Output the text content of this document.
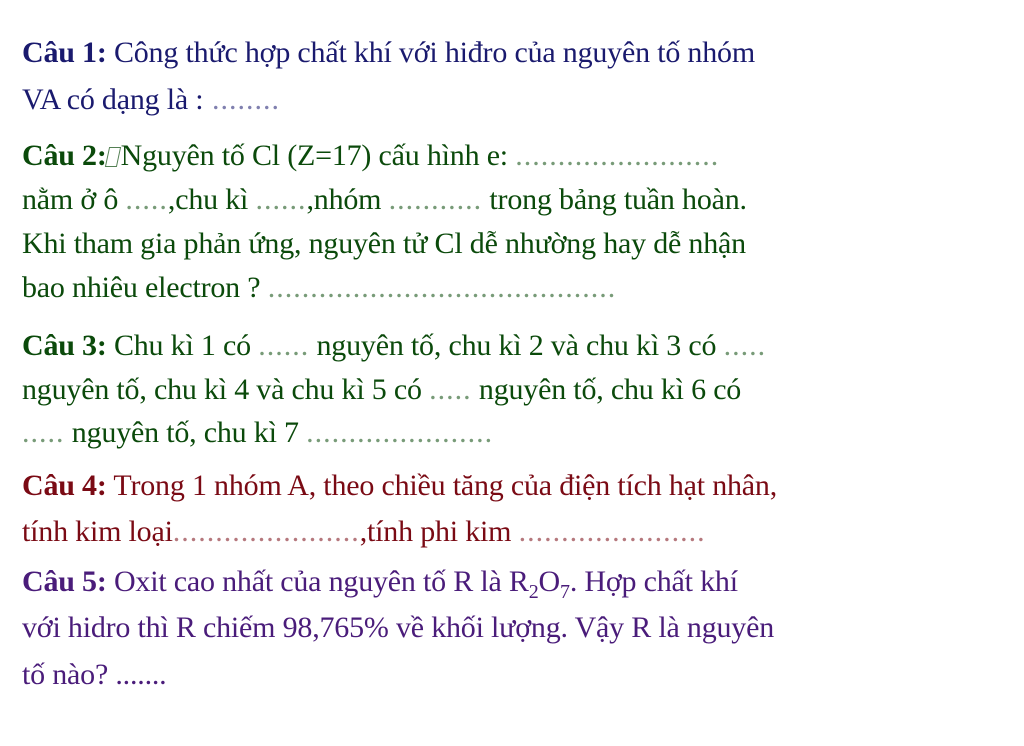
Câu 1: Công thức hợp chất khí với hiđro của nguyên tố nhóm
VA có dạng là : ........
Câu 2: Nguyên tố Cl (Z=17) cấu hình e: ........................
nằm ở ô .....,chu kì ......,nhóm ........... trong bảng tuần hoàn.
Khi tham gia phản ứng, nguyên tử Cl dễ nhường hay dễ nhận
bao nhiêu electron ? .........................................
Câu 3: Chu kì 1 có ...... nguyên tố, chu kì 2 và chu kì 3 có .....
nguyên tố, chu kì 4 và chu kì 5 có ..... nguyên tố, chu kì 6 có
..... nguyên tố, chu kì 7 ......................
Câu 4: Trong 1 nhóm A, theo chiều tăng của điện tích hạt nhân,
tính kim loại......................,tính phi kim ......................
Câu 5: Oxit cao nhất của nguyên tố R là $R_2O_7$. Hợp chất khí
với hidro thì R chiếm 98,765% về khối lượng. Vậy R là nguyên
tố nào? .......
